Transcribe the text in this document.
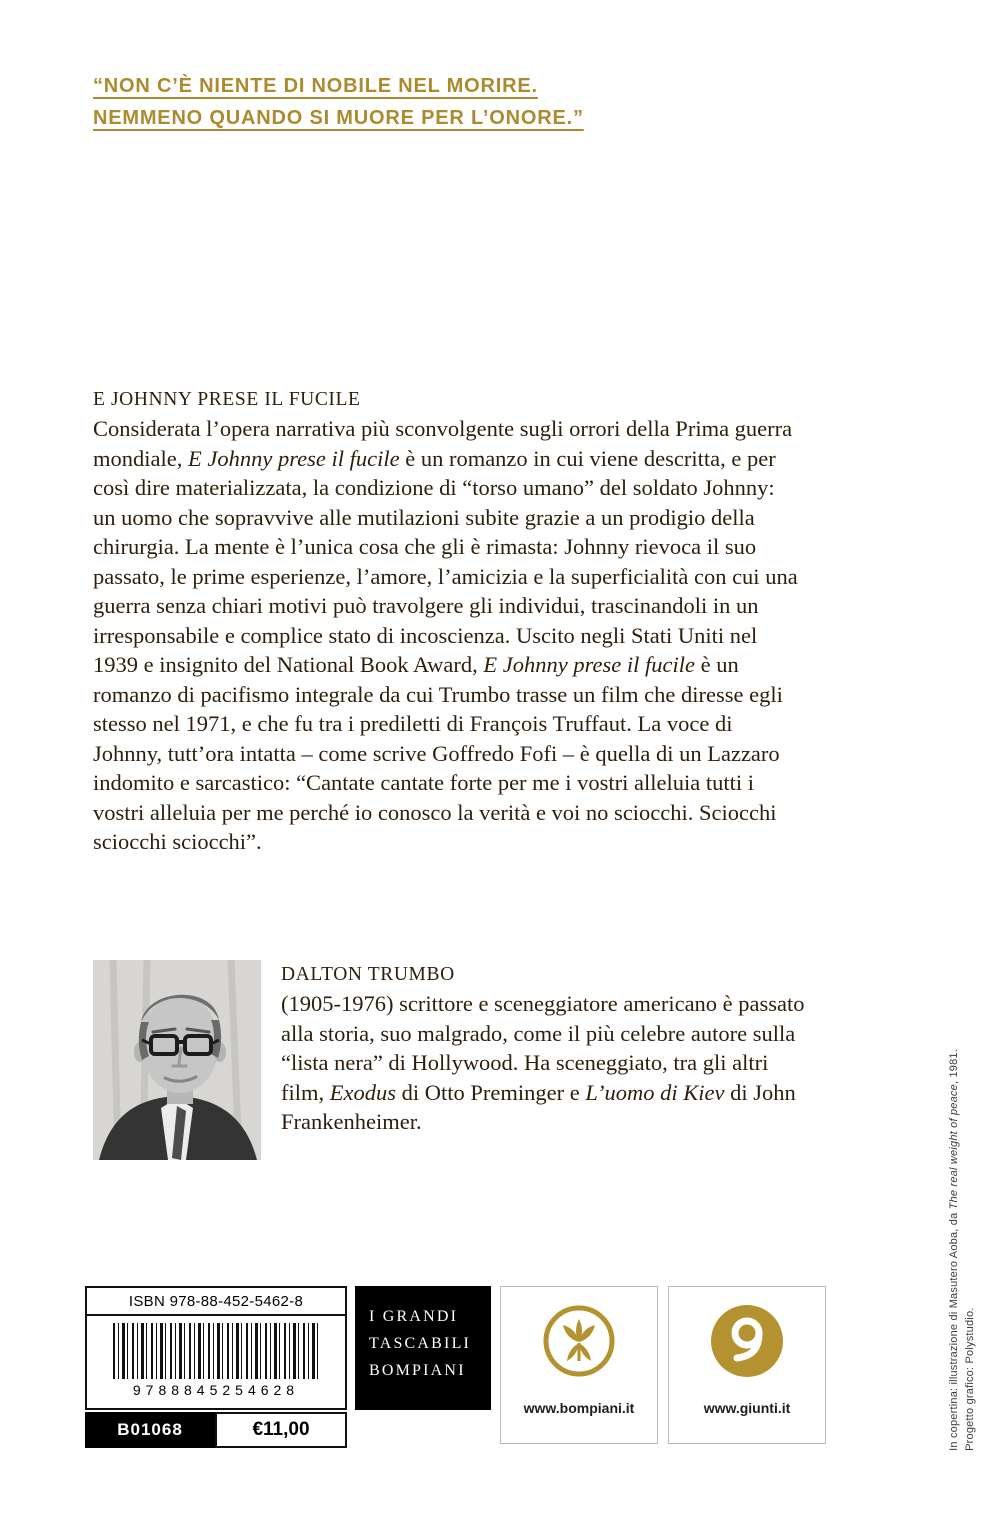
“NON C’È NIENTE DI NOBILE NEL MORIRE.
NEMMENO QUANDO SI MUORE PER L’ONORE.”
E JOHNNY PRESE IL FUCILE

Considerata l’opera narrativa più sconvolgente sugli orrori della Prima guerra mondiale, E Johnny prese il fucile è un romanzo in cui viene descritta, e per così dire materializzata, la condizione di “torso umano” del soldato Johnny: un uomo che sopravvive alle mutilazioni subite grazie a un prodigio della chirurgia. La mente è l’unica cosa che gli è rimasta: Johnny rievoca il suo passato, le prime esperienze, l’amore, l’amicizia e la superficialità con cui una guerra senza chiari motivi può travolgere gli individui, trascinandoli in un irresponsabile e complice stato di incoscienza. Uscito negli Stati Uniti nel 1939 e insignito del National Book Award, E Johnny prese il fucile è un romanzo di pacifismo integrale da cui Trumbo trasse un film che diresse egli stesso nel 1971, e che fu tra i prediletti di François Truffaut. La voce di Johnny, tutt’ora intatta – come scrive Goffredo Fofi – è quella di un Lazzaro indomito e sarcastico: “Cantate cantate forte per me i vostri alleluia tutti i vostri alleluia per me perché io conosco la verità e voi no sciocchi. Sciocchi sciocchi sciocchi”.

DALTON TRUMBO

(1905-1976) scrittore e sceneggiatore americano è passato alla storia, suo malgrado, come il più celebre autore sulla “lista nera” di Hollywood. Ha sceneggiato, tra gli altri film, Exodus di Otto Preminger e L’uomo di Kiev di John Frankenheimer.

ISBN 978-88-452-5462-8

9788845254628
B01068	€11,00
I GRANDI
TASCABILI
BOMPIANI
www.bompiani.it	www.giunti.it	In copertina: illustrazione di Masutero Aoba, da The real weight of peace, 1981.
Progetto grafico: Polystudio.
